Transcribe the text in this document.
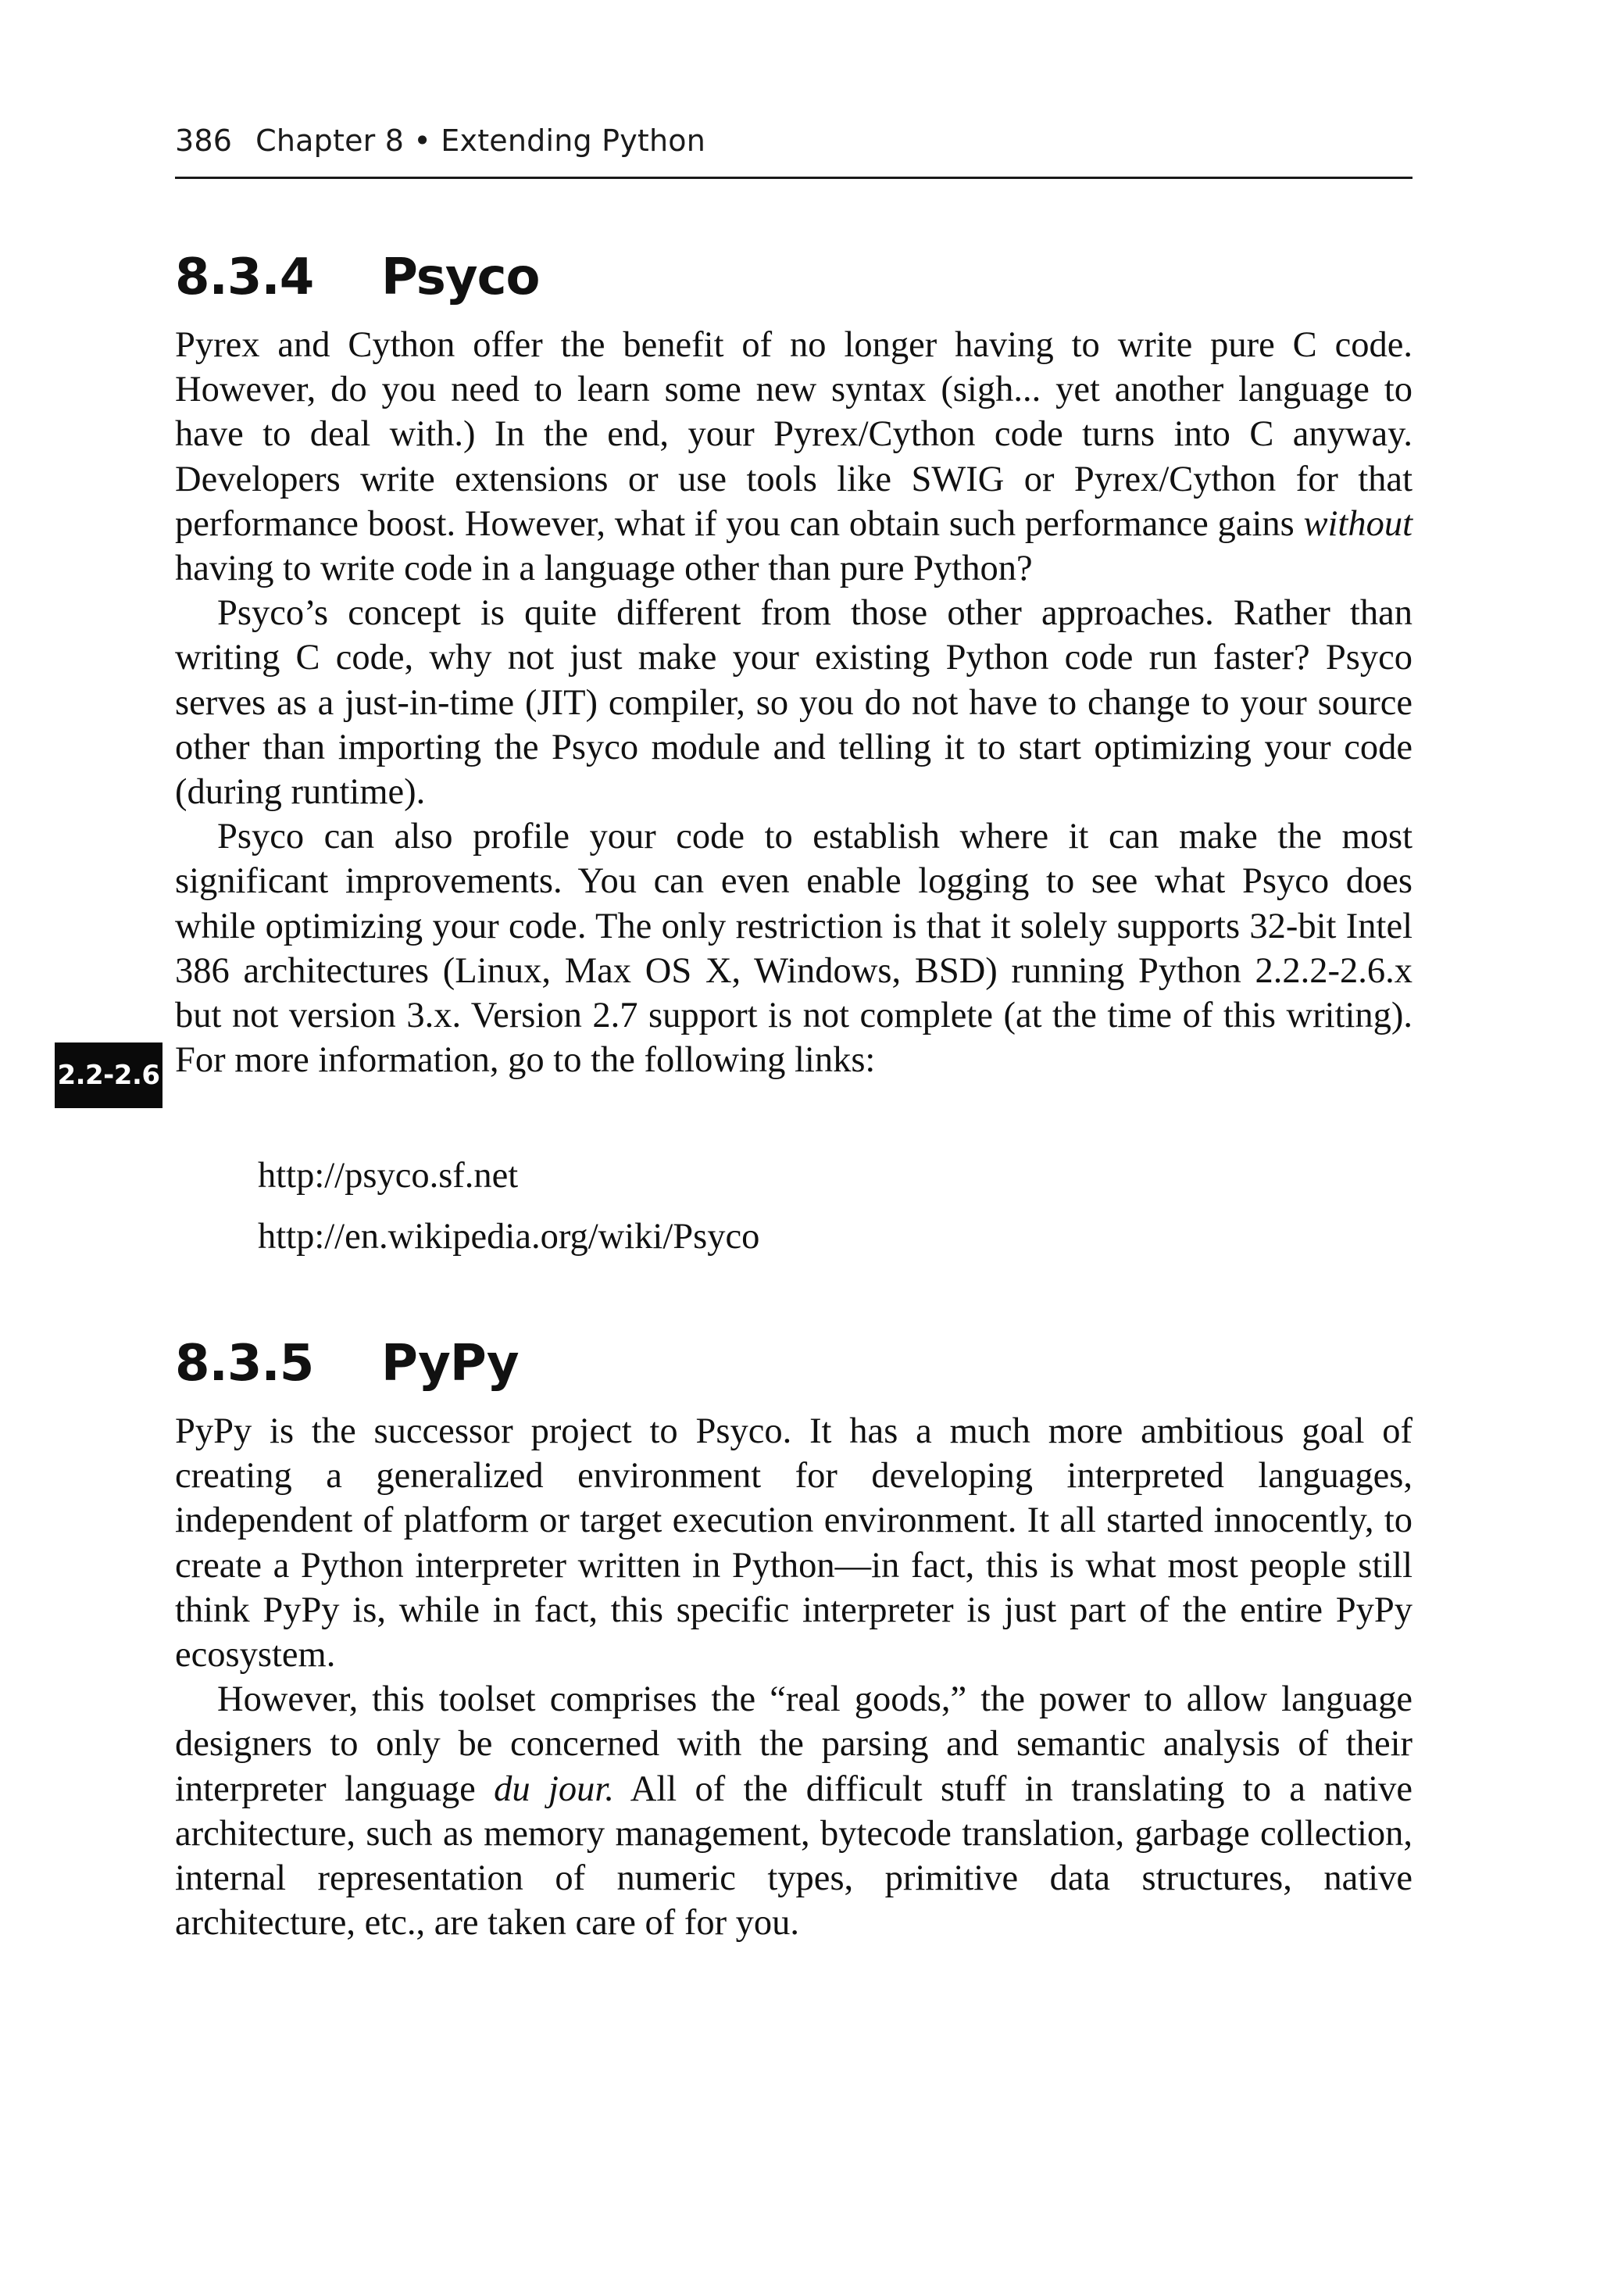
386 Chapter 8 • Extending Python
8.3.4 Psyco

Pyrex and Cython offer the benefit of no longer having to write pure C code. However, do you need to learn some new syntax (sigh... yet another language to have to deal with.) In the end, your Pyrex/Cython code turns into C anyway. Developers write extensions or use tools like SWIG or Pyrex/Cython for that performance boost. However, what if you can obtain such performance gains without having to write code in a language other than pure Python?

Psyco’s concept is quite different from those other approaches. Rather than writing C code, why not just make your existing Python code run faster? Psyco serves as a just-in-time (JIT) compiler, so you do not have to change to your source other than importing the Psyco module and telling it to start optimizing your code (during runtime).

Psyco can also profile your code to establish where it can make the most significant improvements. You can even enable logging to see what Psyco does while optimizing your code. The only restriction is that it solely supports 32-bit Intel 386 architectures (Linux, Max OS X, Windows, BSD) running Python 2.2.2-2.6.x but not version 3.x. Version 2.7 support is not complete (at the time of this writing). For more information, go to the following links:

2.2-2.6
http://psyco.sf.net
http://en.wikipedia.org/wiki/Psyco
8.3.5 PyPy

PyPy is the successor project to Psyco. It has a much more ambitious goal of creating a generalized environment for developing interpreted languages, independent of platform or target execution environment. It all started innocently, to create a Python interpreter written in Python—in fact, this is what most people still think PyPy is, while in fact, this specific interpreter is just part of the entire PyPy ecosystem.

However, this toolset comprises the “real goods,” the power to allow language designers to only be concerned with the parsing and semantic analysis of their interpreter language du jour. All of the difficult stuff in translating to a native architecture, such as memory management, bytecode translation, garbage collection, internal representation of numeric types, primitive data structures, native architecture, etc., are taken care of for you.
